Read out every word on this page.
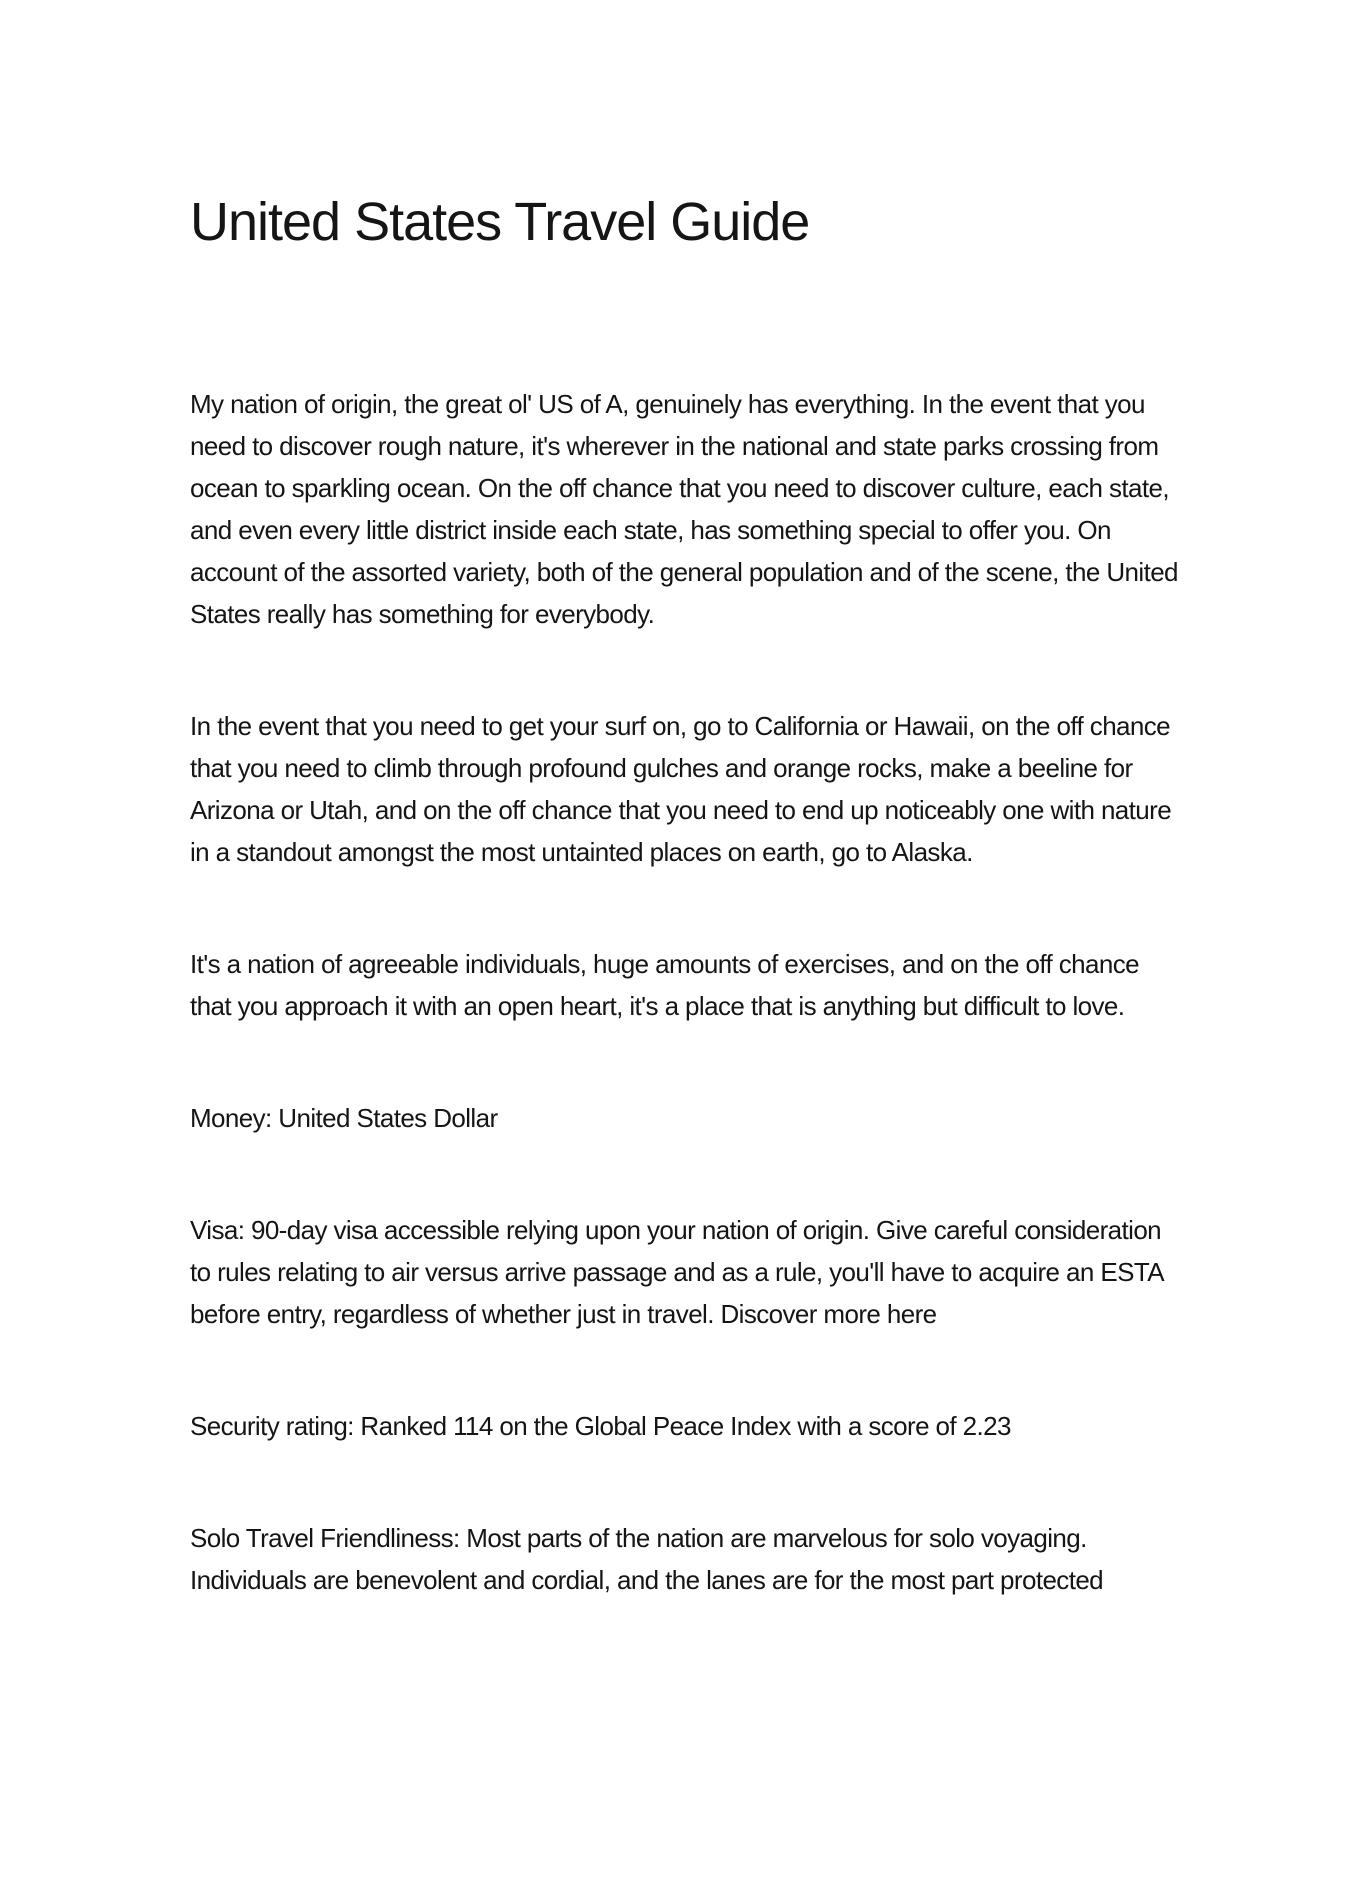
United States Travel Guide

My nation of origin, the great ol' US of A, genuinely has everything. In the event that you need to discover rough nature, it's wherever in the national and state parks crossing from ocean to sparkling ocean. On the off chance that you need to discover culture, each state, and even every little district inside each state, has something special to offer you. On account of the assorted variety, both of the general population and of the scene, the United States really has something for everybody.

In the event that you need to get your surf on, go to California or Hawaii, on the off chance that you need to climb through profound gulches and orange rocks, make a beeline for Arizona or Utah, and on the off chance that you need to end up noticeably one with nature in a standout amongst the most untainted places on earth, go to Alaska.

It's a nation of agreeable individuals, huge amounts of exercises, and on the off chance that you approach it with an open heart, it's a place that is anything but difficult to love.

Money: United States Dollar

Visa: 90-day visa accessible relying upon your nation of origin. Give careful consideration to rules relating to air versus arrive passage and as a rule, you'll have to acquire an ESTA before entry, regardless of whether just in travel. Discover more here

Security rating: Ranked 114 on the Global Peace Index with a score of 2.23

Solo Travel Friendliness: Most parts of the nation are marvelous for solo voyaging. Individuals are benevolent and cordial, and the lanes are for the most part protected
